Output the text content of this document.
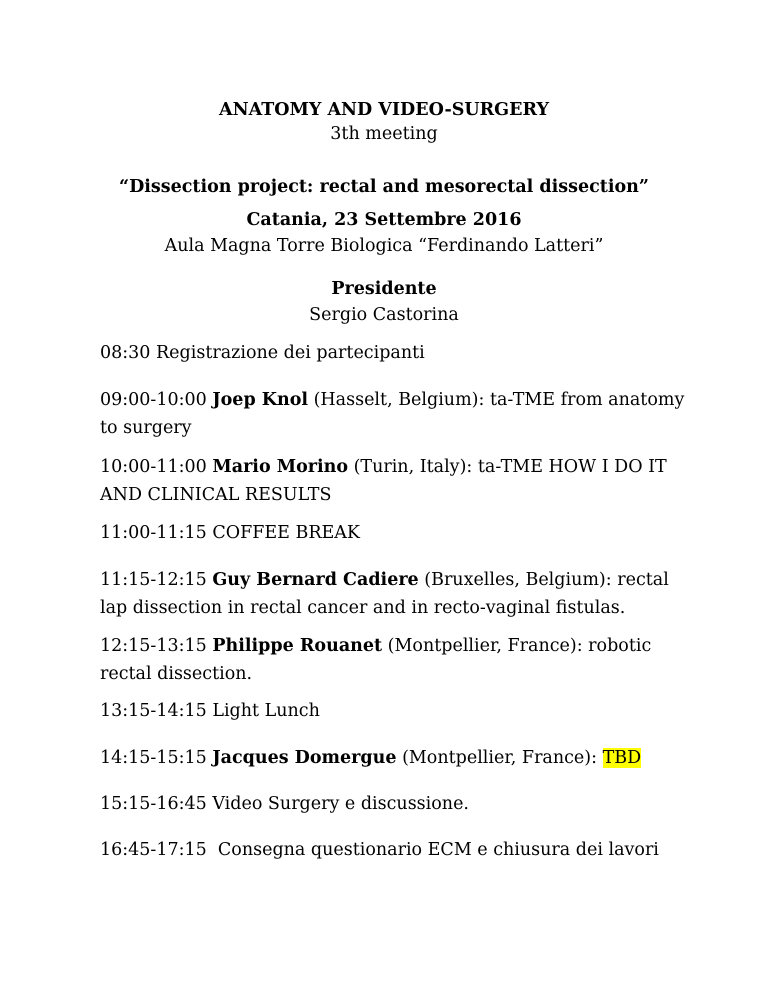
ANATOMY AND VIDEO-SURGERY
3th meeting
“Dissection project: rectal and mesorectal dissection”
Catania, 23 Settembre 2016
Aula Magna Torre Biologica “Ferdinando Latteri”
Presidente
Sergio Castorina
08:30 Registrazione dei partecipanti
09:00-10:00 Joep Knol (Hasselt, Belgium): ta-TME from anatomy to surgery
10:00-11:00 Mario Morino (Turin, Italy): ta-TME HOW I DO IT AND CLINICAL RESULTS
11:00-11:15 COFFEE BREAK
11:15-12:15 Guy Bernard Cadiere (Bruxelles, Belgium): rectal lap dissection in rectal cancer and in recto-vaginal fistulas.
12:15-13:15 Philippe Rouanet (Montpellier, France): robotic rectal dissection.
13:15-14:15 Light Lunch
14:15-15:15 Jacques Domergue (Montpellier, France): TBD
15:15-16:45 Video Surgery e discussione.
16:45-17:15  Consegna questionario ECM e chiusura dei lavori
